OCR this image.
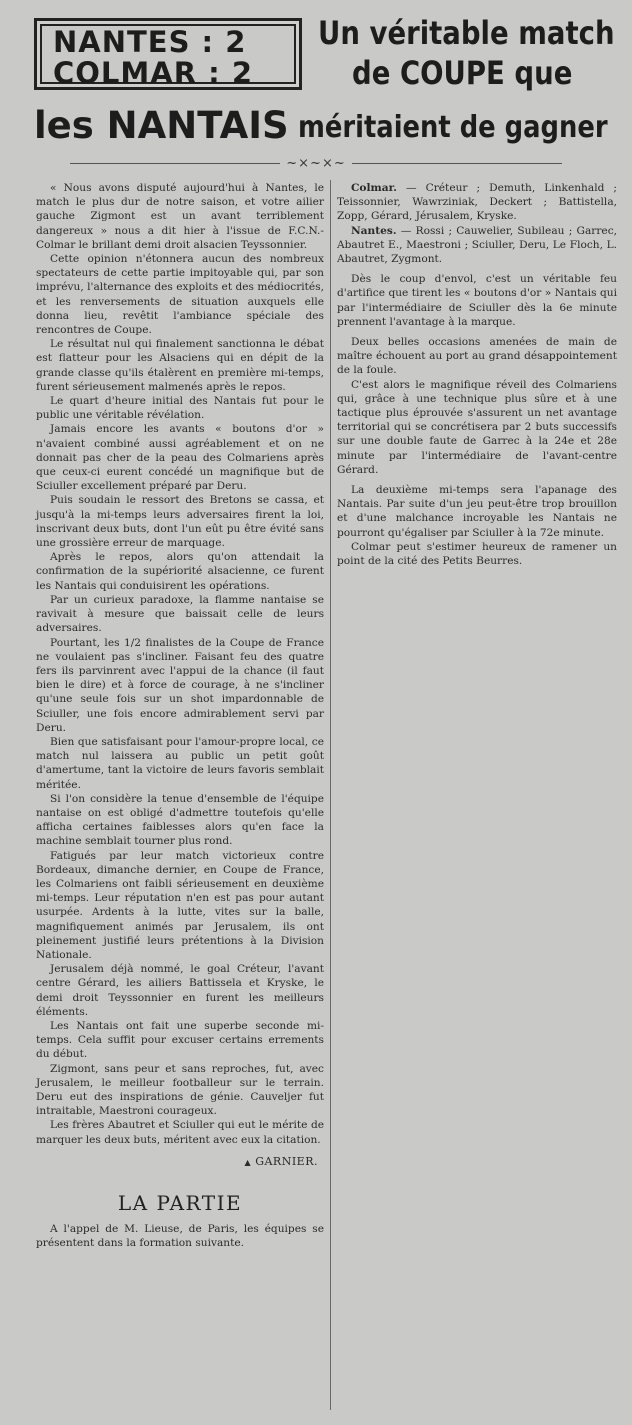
NANTES : 2
COLMAR : 2
Un véritable match
de COUPE que
les NANTAIS méritaient de gagner
~×~×~

« Nous avons disputé aujourd'hui à Nantes, le match le plus dur de notre saison, et votre ailier gauche Zigmont est un avant terriblement dangereux » nous a dit hier à l'issue de F.C.N.-Colmar le brillant demi droit alsacien Teyssonnier.

Cette opinion n'étonnera aucun des nombreux spectateurs de cette partie impitoyable qui, par son imprévu, l'alternance des exploits et des médiocrités, et les renversements de situation auxquels elle donna lieu, revêtit l'ambiance spéciale des rencontres de Coupe.

Le résultat nul qui finalement sanctionna le débat est flatteur pour les Alsaciens qui en dépit de la grande classe qu'ils étalèrent en première mi-temps, furent sérieusement malmenés après le repos.

Le quart d'heure initial des Nantais fut pour le public une véritable révélation.

Jamais encore les avants « boutons d'or » n'avaient combiné aussi agréablement et on ne donnait pas cher de la peau des Colmariens après que ceux-ci eurent concédé un magnifique but de Sciuller excellement préparé par Deru.

Puis soudain le ressort des Bretons se cassa, et jusqu'à la mi-temps leurs adversaires firent la loi, inscrivant deux buts, dont l'un eût pu être évité sans une grossière erreur de marquage.

Après le repos, alors qu'on attendait la confirmation de la supériorité alsacienne, ce furent les Nantais qui conduisirent les opérations.

Par un curieux paradoxe, la flamme nantaise se ravivait à mesure que baissait celle de leurs adversaires.

Pourtant, les 1/2 finalistes de la Coupe de France ne voulaient pas s'incliner. Faisant feu des quatre fers ils parvinrent avec l'appui de la chance (il faut bien le dire) et à force de courage, à ne s'incliner qu'une seule fois sur un shot impardonnable de Sciuller, une fois encore admirablement servi par Deru.

Bien que satisfaisant pour l'amour-propre local, ce match nul laissera au public un petit goût d'amertume, tant la victoire de leurs favoris semblait méritée.

Si l'on considère la tenue d'ensemble de l'équipe nantaise on est obligé d'admettre toutefois qu'elle afficha certaines faiblesses alors qu'en face la machine semblait tourner plus rond.

Fatigués par leur match victorieux contre Bordeaux, dimanche dernier, en Coupe de France, les Colmariens ont faibli sérieusement en deuxième mi-temps. Leur réputation n'en est pas pour autant usurpée. Ardents à la lutte, vites sur la balle, magnifiquement animés par Jerusalem, ils ont pleinement justifié leurs prétentions à la Division Nationale.

Jerusalem déjà nommé, le goal Créteur, l'avant centre Gérard, les ailiers Battissela et Kryske, le demi droit Teyssonnier en furent les meilleurs éléments.

Les Nantais ont fait une superbe seconde mi-temps. Cela suffit pour excuser certains errements du début.

Zigmont, sans peur et sans reproches, fut, avec Jerusalem, le meilleur footballeur sur le terrain. Deru eut des inspirations de génie. Cauveljer fut intraitable, Maestroni courageux.

Les frères Abautret et Sciuller qui eut le mérite de marquer les deux buts, méritent avec eux la citation.

▲ GARNIER.
LA PARTIE

A l'appel de M. Lieuse, de Paris, les équipes se présentent dans la formation suivante.

Colmar. — Créteur ; Demuth, Linkenhald ; Teissonnier, Wawrziniak, Deckert ; Battistella, Zopp, Gérard, Jérusalem, Kryske.

Nantes. — Rossi ; Cauwelier, Subileau ; Garrec, Abautret E., Maestroni ; Sciuller, Deru, Le Floch, L. Abautret, Zygmont.

Dès le coup d'envol, c'est un véritable feu d'artifice que tirent les « boutons d'or » Nantais qui par l'intermédiaire de Sciuller dès la 6e minute prennent l'avantage à la marque.

Deux belles occasions amenées de main de maître échouent au port au grand désappointement de la foule.

C'est alors le magnifique réveil des Colmariens qui, grâce à une technique plus sûre et à une tactique plus éprouvée s'assurent un net avantage territorial qui se concrétisera par 2 buts successifs sur une double faute de Garrec à la 24e et 28e minute par l'intermédiaire de l'avant-centre Gérard.

La deuxième mi-temps sera l'apanage des Nantais. Par suite d'un jeu peut-être trop brouillon et d'une malchance incroyable les Nantais ne pourront qu'égaliser par Sciuller à la 72e minute.

Colmar peut s'estimer heureux de ramener un point de la cité des Petits Beurres.
